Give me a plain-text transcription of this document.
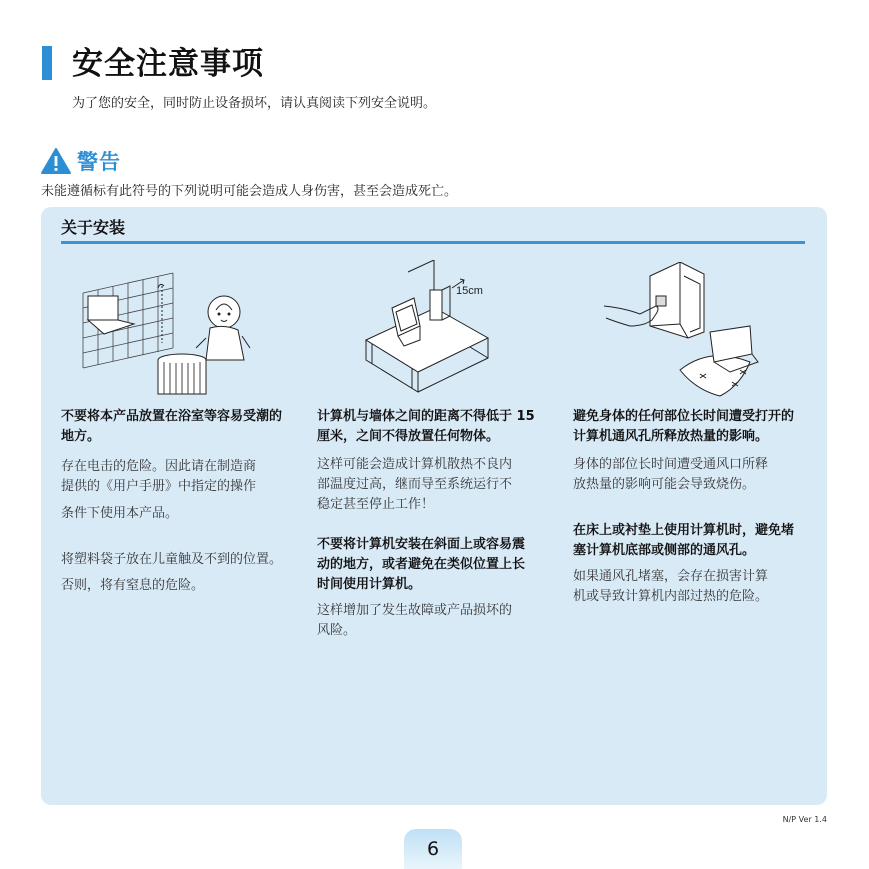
安全注意事项
为了您的安全，同时防止设备损坏，请认真阅读下列安全说明。
警告
未能遵循标有此符号的下列说明可能会造成人身伤害，甚至会造成死亡。
关于安装
15cm

不要将本产品放置在浴室等容易受潮的地方。

存在电击的危险。因此请在制造商

提供的《用户手册》中指定的操作

条件下使用本产品。

将塑料袋子放在儿童触及不到的位置。

否则，将有窒息的危险。

计算机与墙体之间的距离不得低于 15 厘米，之间不得放置任何物体。

这样可能会造成计算机散热不良内

部温度过高，继而导至系统运行不

稳定甚至停止工作！

不要将计算机安装在斜面上或容易震动的地方，或者避免在类似位置上长时间使用计算机。

这样增加了发生故障或产品损坏的

风险。

避免身体的任何部位长时间遭受打开的计算机通风孔所释放热量的影响。

身体的部位长时间遭受通风口所释

放热量的影响可能会导致烧伤。

在床上或衬垫上使用计算机时，避免堵塞计算机底部或侧部的通风孔。

如果通风孔堵塞，会存在损害计算

机或导致计算机内部过热的危险。

N/P Ver 1.4
6
